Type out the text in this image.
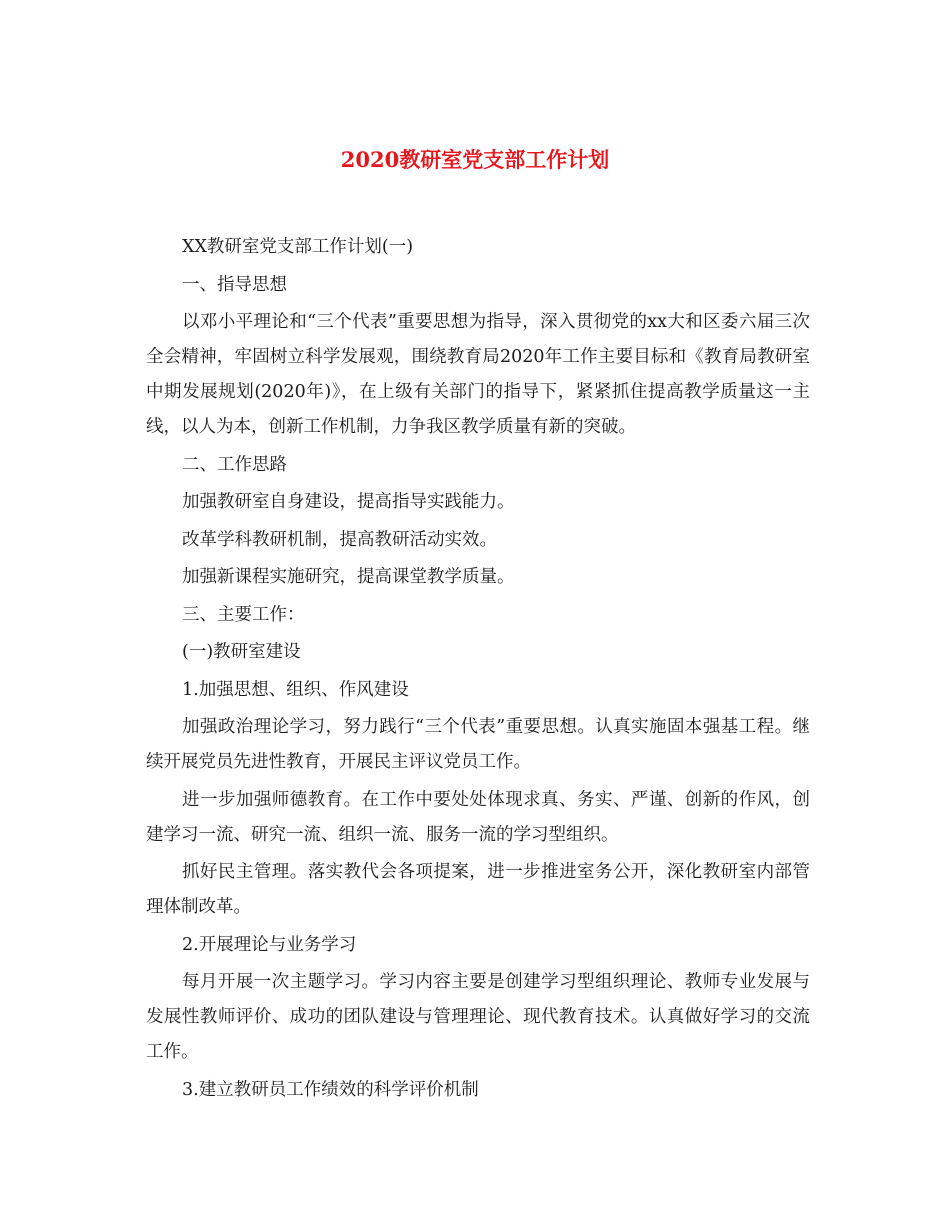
2020教研室党支部工作计划

XX教研室党支部工作计划(一)

一、指导思想

以邓小平理论和“三个代表”重要思想为指导，深入贯彻党的xx大和区委六届三次全会精神，牢固树立科学发展观，围绕教育局2020年工作主要目标和《教育局教研室中期发展规划(2020年)》，在上级有关部门的指导下，紧紧抓住提高教学质量这一主线，以人为本，创新工作机制，力争我区教学质量有新的突破。

二、工作思路

加强教研室自身建设，提高指导实践能力。

改革学科教研机制，提高教研活动实效。

加强新课程实施研究，提高课堂教学质量。

三、主要工作：

(一)教研室建设

1.加强思想、组织、作风建设

加强政治理论学习，努力践行“三个代表”重要思想。认真实施固本强基工程。继续开展党员先进性教育，开展民主评议党员工作。

进一步加强师德教育。在工作中要处处体现求真、务实、严谨、创新的作风，创建学习一流、研究一流、组织一流、服务一流的学习型组织。

抓好民主管理。落实教代会各项提案，进一步推进室务公开，深化教研室内部管理体制改革。

2.开展理论与业务学习

每月开展一次主题学习。学习内容主要是创建学习型组织理论、教师专业发展与发展性教师评价、成功的团队建设与管理理论、现代教育技术。认真做好学习的交流工作。

3.建立教研员工作绩效的科学评价机制
